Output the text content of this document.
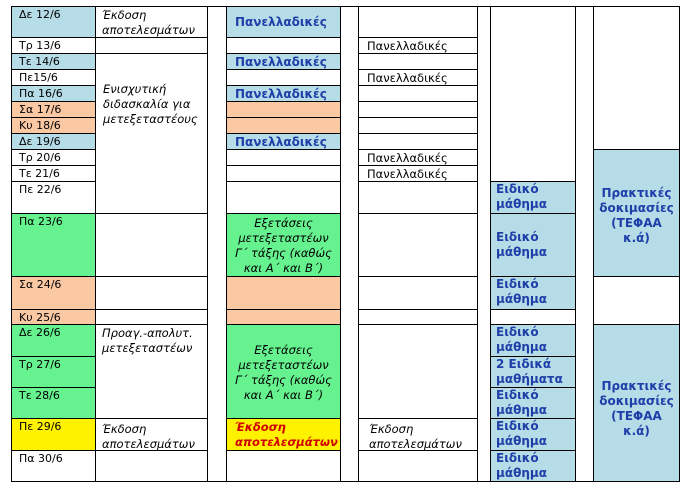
Δε 12/6
Τρ 13/6
Τε 14/6
Πε15/6
Πα 16/6
Σα 17/6
Κυ 18/6
Δε 19/6
Τρ 20/6
Τε 21/6
Πε 22/6
Πα 23/6
Σα 24/6
Κυ 25/6
Δε 26/6
Τρ 27/6
Τε 28/6
Πε 29/6
Πα 30/6
Έκδοση
αποτελεσμάτων
Ενισχυτική
διδασκαλία για
μετεξεταστέους
Προαγ.-απολυτ.
μετεξεταστέων
Έκδοση
αποτελεσμάτων
Πανελλαδικές
Πανελλαδικές
Πανελλαδικές
Πανελλαδικές
Εξετάσεις
μετεξεταστέων
Γ΄ τάξης (καθώς
και Α΄ και Β΄)
Εξετάσεις
μετεξεταστέων
Γ΄ τάξης (καθώς
και Α΄ και Β΄)
Έκδοση
αποτελεσμάτων
Πανελλαδικές
Πανελλαδικές
Πανελλαδικές
Πανελλαδικές
Έκδοση
αποτελεσμάτων
Ειδικό
μάθημα
Ειδικό
μάθημα
Ειδικό
μάθημα
Ειδικό
μάθημα
2 Ειδικά
μαθήματα
Ειδικό
μάθημα
Ειδικό
μάθημα
Ειδικό
μάθημα
Πρακτικές
δοκιμασίες
(ΤΕΦΑΑ
κ.ά)
Πρακτικές
δοκιμασίες
(ΤΕΦΑΑ
κ.ά)
